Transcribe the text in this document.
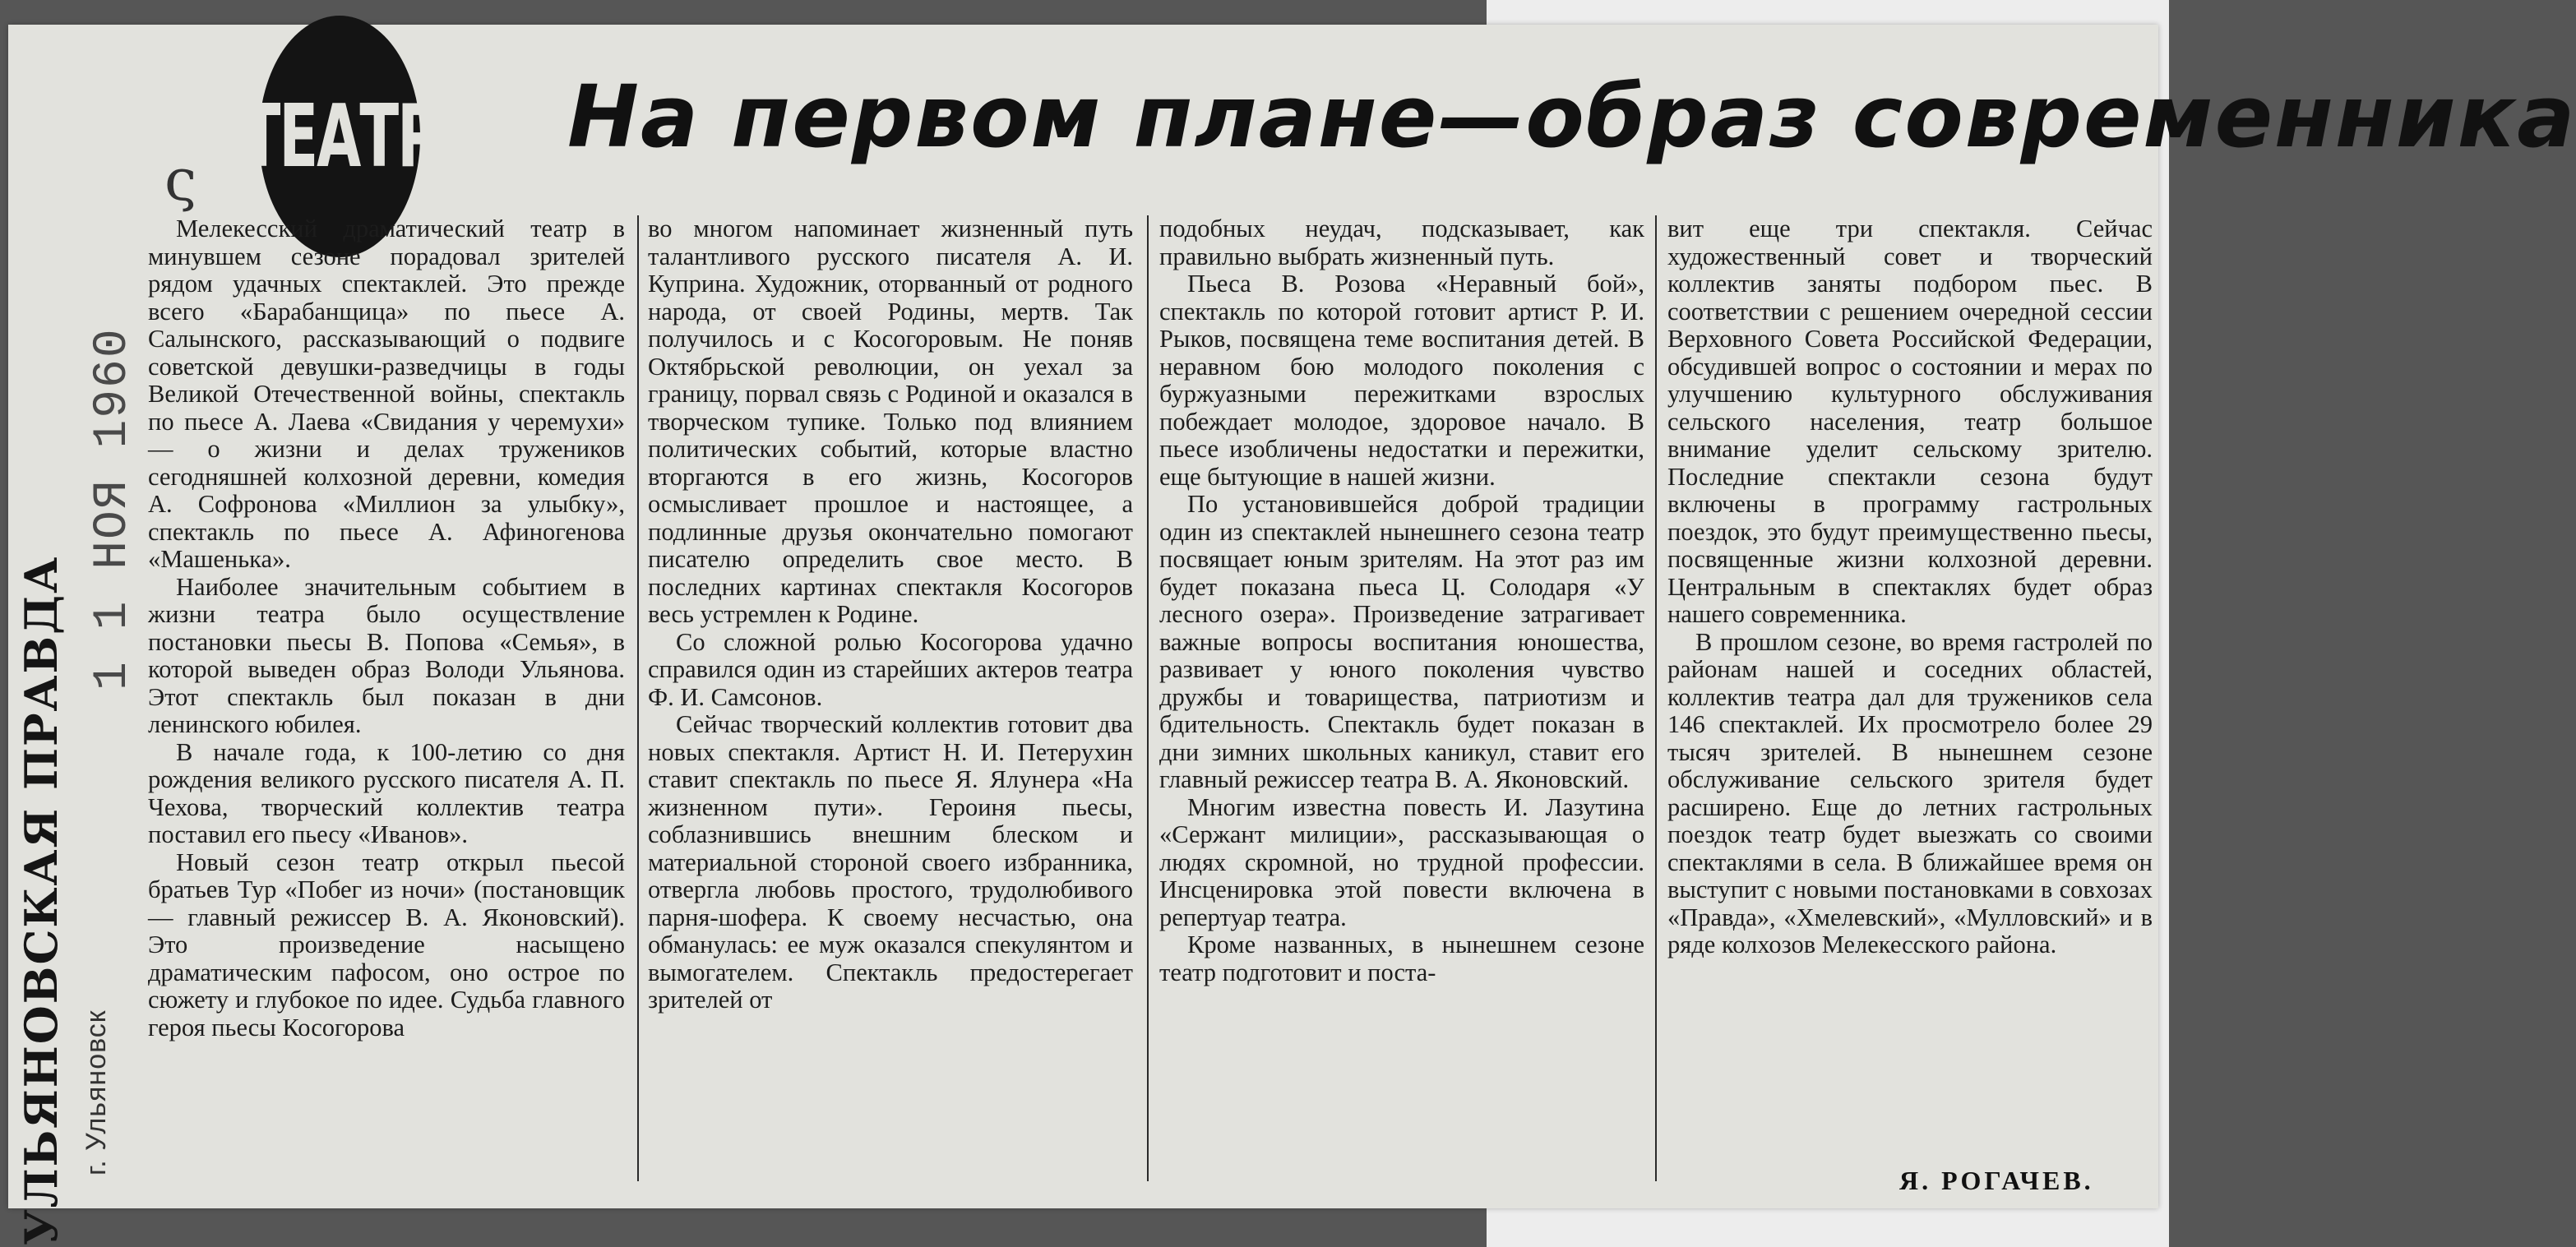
ТЕАТР На первом плане—образ современника
ς
1 1 НОЯ 1960
УЛЬЯНОВСКАЯ ПРАВДА г. Ульяновск

Мелекесский драматический театр в минувшем сезоне порадовал зрителей рядом удачных спектаклей. Это прежде всего «Барабанщица» по пьесе А. Салынского, рассказывающий о подвиге советской девушки-разведчицы в годы Великой Отечественной войны, спектакль по пьесе А. Лаева «Свидания у черемухи» — о жизни и делах тружеников сегодняшней колхозной деревни, комедия А. Софронова «Миллион за улыбку», спектакль по пьесе А. Афиногенова «Машенька».

Наиболее значительным событием в жизни театра было осуществление постановки пьесы В. Попова «Семья», в которой выведен образ Володи Ульянова. Этот спектакль был показан в дни ленинского юбилея.

В начале года, к 100-летию со дня рождения великого русского писателя А. П. Чехова, творческий коллектив театра поставил его пьесу «Иванов».

Новый сезон театр открыл пьесой братьев Тур «Побег из ночи» (постановщик — главный режиссер В. А. Яконовский). Это произведение насыщено драматическим пафосом, оно острое по сюжету и глубокое по идее. Судьба главного героя пьесы Косогорова

во многом напоминает жизненный путь талантливого русского писателя А. И. Куприна. Художник, оторванный от родного народа, от своей Родины, мертв. Так получилось и с Косогоровым. Не поняв Октябрьской революции, он уехал за границу, порвал связь с Родиной и оказался в творческом тупике. Только под влиянием политических событий, которые властно вторгаются в его жизнь, Косогоров осмысливает прошлое и настоящее, а подлинные друзья окончательно помогают писателю определить свое место. В последних картинах спектакля Косогоров весь устремлен к Родине.

Со сложной ролью Косогорова удачно справился один из старейших актеров театра Ф. И. Самсонов.

Сейчас творческий коллектив готовит два новых спектакля. Артист Н. И. Петерухин ставит спектакль по пьесе Я. Ялунера «На жизненном пути». Героиня пьесы, соблазнившись внешним блеском и материальной стороной своего избранника, отвергла любовь простого, трудолюбивого парня-шофера. К своему несчастью, она обманулась: ее муж оказался спекулянтом и вымогателем. Спектакль предостерегает зрителей от

подобных неудач, подсказывает, как правильно выбрать жизненный путь.

Пьеса В. Розова «Неравный бой», спектакль по которой готовит артист Р. И. Рыков, посвящена теме воспитания детей. В неравном бою молодого поколения с буржуазными пережитками взрослых побеждает молодое, здоровое начало. В пьесе изобличены недостатки и пережитки, еще бытующие в нашей жизни.

По установившейся доброй традиции один из спектаклей нынешнего сезона театр посвящает юным зрителям. На этот раз им будет показана пьеса Ц. Солодаря «У лесного озера». Произведение затрагивает важные вопросы воспитания юношества, развивает у юного поколения чувство дружбы и товарищества, патриотизм и бдительность. Спектакль будет показан в дни зимних школьных каникул, ставит его главный режиссер театра В. А. Яконовский.

Многим известна повесть И. Лазутина «Сержант милиции», рассказывающая о людях скромной, но трудной профессии. Инсценировка этой повести включена в репертуар театра.

Кроме названных, в нынешнем сезоне театр подготовит и поста-

вит еще три спектакля. Сейчас художественный совет и творческий коллектив заняты подбором пьес. В соответствии с решением очередной сессии Верховного Совета Российской Федерации, обсудившей вопрос о состоянии и мерах по улучшению культурного обслуживания сельского населения, театр большое внимание уделит сельскому зрителю. Последние спектакли сезона будут включены в программу гастрольных поездок, это будут преимущественно пьесы, посвященные жизни колхозной деревни. Центральным в спектаклях будет образ нашего современника.

В прошлом сезоне, во время гастролей по районам нашей и соседних областей, коллектив театра дал для тружеников села 146 спектаклей. Их просмотрело более 29 тысяч зрителей. В нынешнем сезоне обслуживание сельского зрителя будет расширено. Еще до летних гастрольных поездок театр будет выезжать со своими спектаклями в села. В ближайшее время он выступит с новыми постановками в совхозах «Правда», «Хмелевский», «Мулловский» и в ряде колхозов Мелекесского района.

Я. РОГАЧЕВ.
